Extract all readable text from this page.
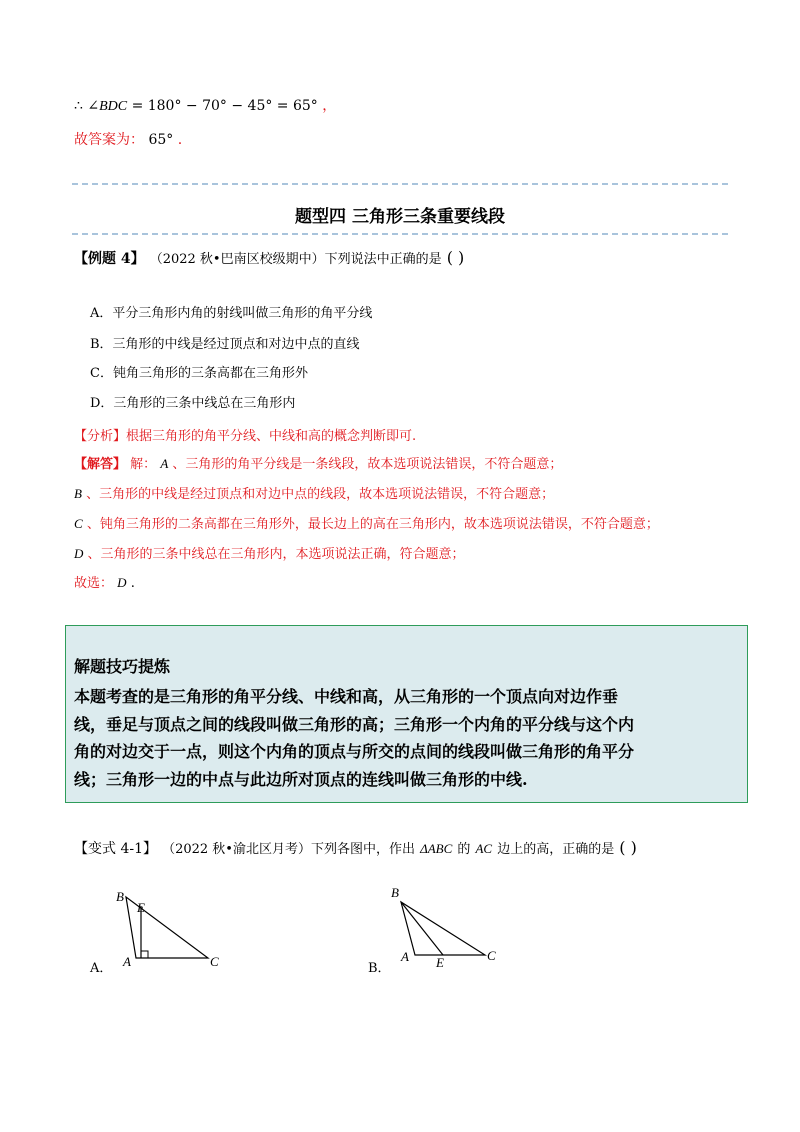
∴ ∠BDC = 180° − 70° − 45° = 65° ，
故答案为： 65° .
题型四 三角形三条重要线段
【例题 4】 （2022 秋•巴南区校级期中）下列说法中正确的是 ( )
A．平分三角形内角的射线叫做三角形的角平分线
B．三角形的中线是经过顶点和对边中点的直线
C．钝角三角形的三条高都在三角形外
D．三角形的三条中线总在三角形内
【分析】根据三角形的角平分线、中线和高的概念判断即可.
【解答】 解： A 、三角形的角平分线是一条线段，故本选项说法错误，不符合题意；
B 、三角形的中线是经过顶点和对边中点的线段，故本选项说法错误，不符合题意；
C 、钝角三角形的二条高都在三角形外，最长边上的高在三角形内，故本选项说法错误，不符合题意；
D 、三角形的三条中线总在三角形内，本选项说法正确，符合题意；
故选： D .
解题技巧提炼
本题考查的是三角形的角平分线、中线和高，从三角形的一个顶点向对边作垂
线，垂足与顶点之间的线段叫做三角形的高；三角形一个内角的平分线与这个内
角的对边交于一点，则这个内角的顶点与所交的点间的线段叫做三角形的角平分
线；三角形一边的中点与此边所对顶点的连线叫做三角形的中线.
【变式 4-1】 （2022 秋•渝北区月考）下列各图中，作出 ΔABC 的 AC 边上的高，正确的是 ( )
A．
B
E
A	C	B．
B
A E	C
